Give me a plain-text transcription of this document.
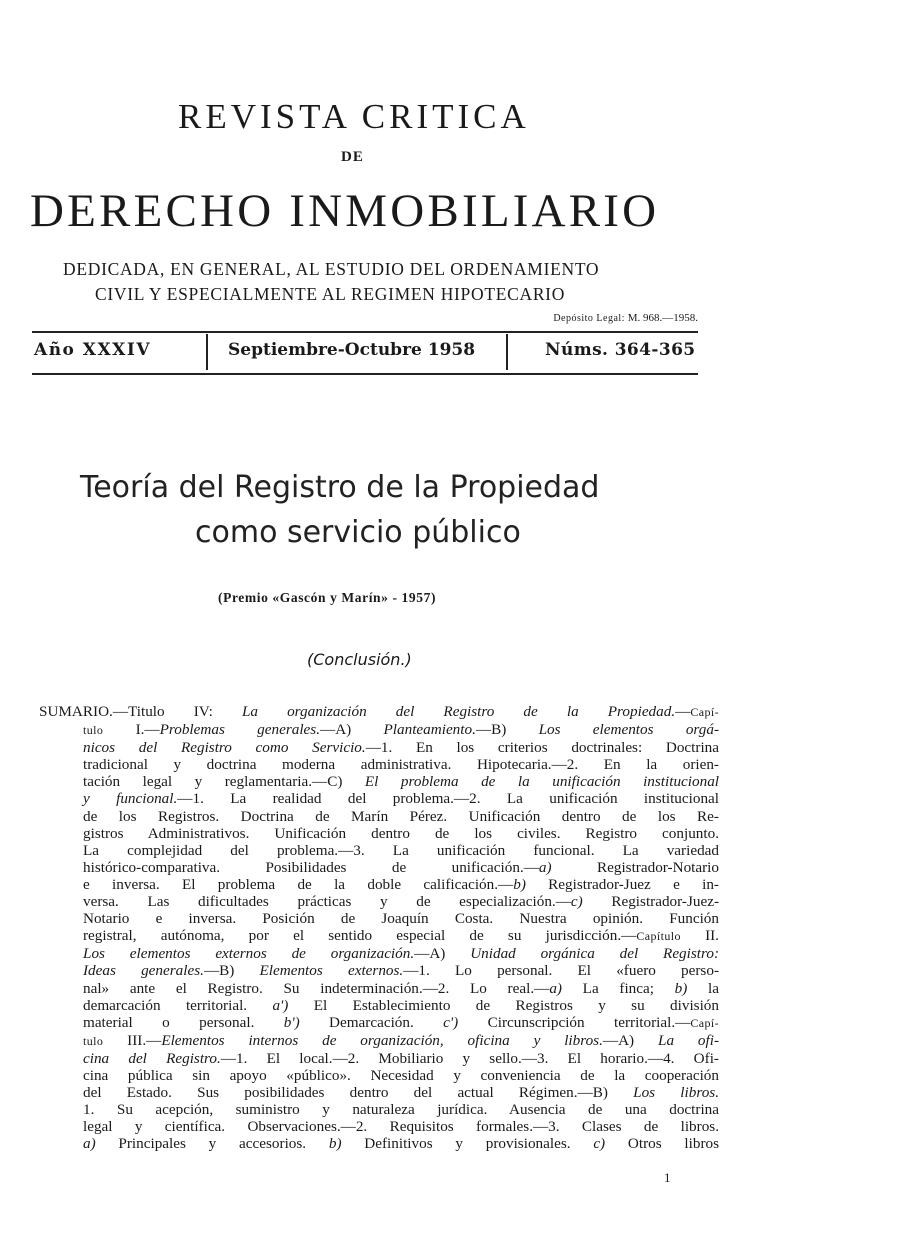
REVISTA CRITICA
DE
DERECHO INMOBILIARIO
DEDICADA, EN GENERAL, AL ESTUDIO DEL ORDENAMIENTO
CIVIL Y ESPECIALMENTE AL REGIMEN HIPOTECARIO
Depósito Legal: M. 968.—1958.
Año XXXIV	Septiembre-Octubre 1958	Núms. 364-365
Teoría del Registro de la Propiedad
como servicio público
(Premio «Gascón y Marín» - 1957)
(Conclusión.)
SUMARIO.—Titulo IV: La organización del Registro de la Propiedad.—Capí-
tulo I.—Problemas generales.—A) Planteamiento.—B) Los elementos orgá-
nicos del Registro como Servicio.—1. En los criterios doctrinales: Doctrina
tradicional y doctrina moderna administrativa. Hipotecaria.—2. En la orien-
tación legal y reglamentaria.—C) El problema de la unificación institucional
y funcional.—1. La realidad del problema.—2. La unificación institucional
de los Registros. Doctrina de Marín Pérez. Unificación dentro de los Re-
gistros Administrativos. Unificación dentro de los civiles. Registro conjunto.
La complejidad del problema.—3. La unificación funcional. La variedad
histórico-comparativa. Posibilidades de unificación.—a) Registrador-Notario
e inversa. El problema de la doble calificación.—b) Registrador-Juez e in-
versa. Las dificultades prácticas y de especialización.—c) Registrador-Juez-
Notario e inversa. Posición de Joaquín Costa. Nuestra opinión. Función
registral, autónoma, por el sentido especial de su jurisdicción.—Capítulo II.
Los elementos externos de organización.—A) Unidad orgánica del Registro:
Ideas generales.—B) Elementos externos.—1. Lo personal. El «fuero perso-
nal» ante el Registro. Su indeterminación.—2. Lo real.—a) La finca; b) la
demarcación territorial. a') El Establecimiento de Registros y su división
material o personal. b') Demarcación. c') Circunscripción territorial.—Capí-
tulo III.—Elementos internos de organización, oficina y libros.—A) La ofi-
cina del Registro.—1. El local.—2. Mobiliario y sello.—3. El horario.—4. Ofi-
cina pública sin apoyo «público». Necesidad y conveniencia de la cooperación
del Estado. Sus posibilidades dentro del actual Régimen.—B) Los libros.
1. Su acepción, suministro y naturaleza jurídica. Ausencia de una doctrina
legal y científica. Observaciones.—2. Requisitos formales.—3. Clases de libros.
a) Principales y accesorios. b) Definitivos y provisionales. c) Otros libros
1
